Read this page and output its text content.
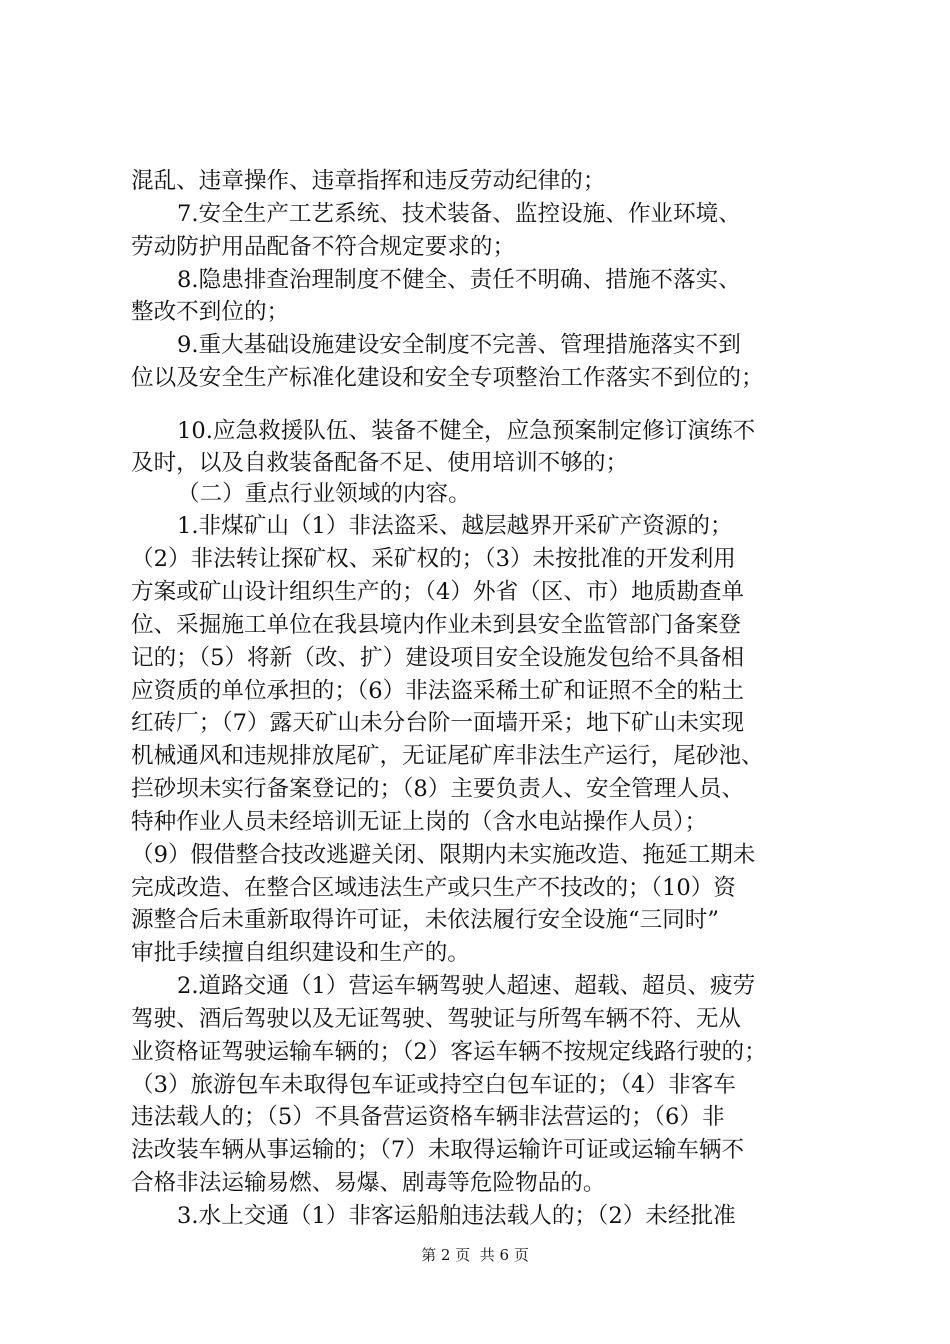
混乱、违章操作、违章指挥和违反劳动纪律的；
7.安全生产工艺系统、技术装备、监控设施、作业环境、
劳动防护用品配备不符合规定要求的；
8.隐患排查治理制度不健全、责任不明确、措施不落实、
整改不到位的；
9.重大基础设施建设安全制度不完善、管理措施落实不到
位以及安全生产标准化建设和安全专项整治工作落实不到位的；
10.应急救援队伍、装备不健全，应急预案制定修订演练不
及时，以及自救装备配备不足、使用培训不够的；
（二）重点行业领域的内容。
1.非煤矿山（1）非法盗采、越层越界开采矿产资源的；
（2）非法转让探矿权、采矿权的；（3）未按批准的开发利用
方案或矿山设计组织生产的；（4）外省（区、市）地质勘查单
位、采掘施工单位在我县境内作业未到县安全监管部门备案登
记的；（5）将新（改、扩）建设项目安全设施发包给不具备相
应资质的单位承担的；（6）非法盗采稀土矿和证照不全的粘土
红砖厂；（7）露天矿山未分台阶一面墙开采；地下矿山未实现
机械通风和违规排放尾矿，无证尾矿库非法生产运行，尾砂池、
拦砂坝未实行备案登记的；（8）主要负责人、安全管理人员、
特种作业人员未经培训无证上岗的（含水电站操作人员）；
（9）假借整合技改逃避关闭、限期内未实施改造、拖延工期未
完成改造、在整合区域违法生产或只生产不技改的；（10）资
源整合后未重新取得许可证，未依法履行安全设施“三同时”
审批手续擅自组织建设和生产的。
2.道路交通（1）营运车辆驾驶人超速、超载、超员、疲劳
驾驶、酒后驾驶以及无证驾驶、驾驶证与所驾车辆不符、无从
业资格证驾驶运输车辆的；（2）客运车辆不按规定线路行驶的；
（3）旅游包车未取得包车证或持空白包车证的；（4）非客车
违法载人的；（5）不具备营运资格车辆非法营运的；（6）非
法改装车辆从事运输的；（7）未取得运输许可证或运输车辆不
合格非法运输易燃、易爆、剧毒等危险物品的。
3.水上交通（1）非客运船舶违法载人的；（2）未经批准
第 2 页  共 6 页
